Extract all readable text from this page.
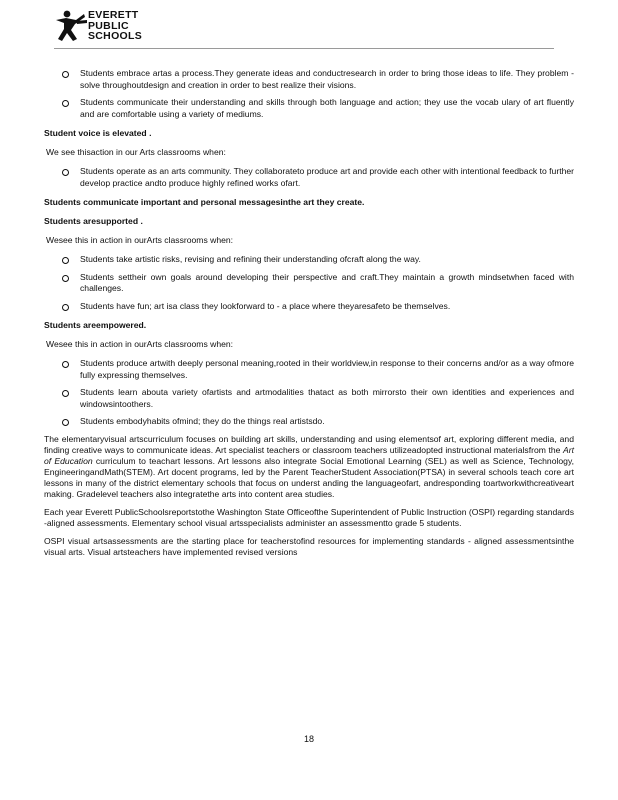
EVERETT
PUBLIC
SCHOOLS
Students embrace artas a process.They generate ideas and conductresearch in order to bring those ideas to life. They problem -solve throughoutdesign and creation in order to best realize their visions.
Students communicate their understanding and skills through both language and action; they use the vocab ulary of art fluently and are comfortable using a variety of mediums.
Student voice is elevated .
We see thisaction in our Arts classrooms when:
Students operate as an arts community. They collaborateto produce art and provide each other with intentional feedback to further develop practice andto produce highly refined works ofart.
Students communicate important and personal messagesinthe art they create.
Students aresupported .
Wesee this in action in ourArts classrooms when:
Students take artistic risks, revising and refining their understanding ofcraft along the way.
Students settheir own goals around developing their perspective and craft.They maintain a growth mindsetwhen faced with challenges.
Students have fun; art isa class they lookforward to - a place where theyaresafeto be themselves.
Students areempowered.
Wesee this in action in ourArts classrooms when:
Students produce artwith deeply personal meaning,rooted in their worldview,in response to their concerns and/or as a way ofmore fully expressing themselves.
Students learn abouta variety ofartists and artmodalities thatact as both mirrorsto their own identities and experiences and windowsintoothers.
Students embodyhabits ofmind; they do the things real artistsdo.
The elementaryvisual artscurriculum focuses on building art skills, understanding and using elementsof art, exploring different media, and finding creative ways to communicate ideas. Art specialist teachers or classroom teachers utilizeadopted instructional materialsfrom the Art of Education curriculum to teachart lessons. Art lessons also integrate Social Emotional Learning (SEL) as well as Science, Technology, EngineeringandMath(STEM). Art docent programs, led by the Parent TeacherStudent Association(PTSA) in several schools teach core art lessons in many of the district elementary schools that focus on underst anding the languageofart, andresponding toartworkwithcreativeart making. Gradelevel teachers also integratethe arts into content area studies.
Each year Everett PublicSchoolsreportstothe Washington State Officeofthe Superintendent of Public Instruction (OSPI) regarding standards -aligned assessments. Elementary school visual artsspecialists administer an assessmentto grade 5 students.
OSPI visual artsassessments are the starting place for teacherstofind resources for implementing standards - aligned assessmentsinthe visual arts. Visual artsteachers have implemented revised versions
18
